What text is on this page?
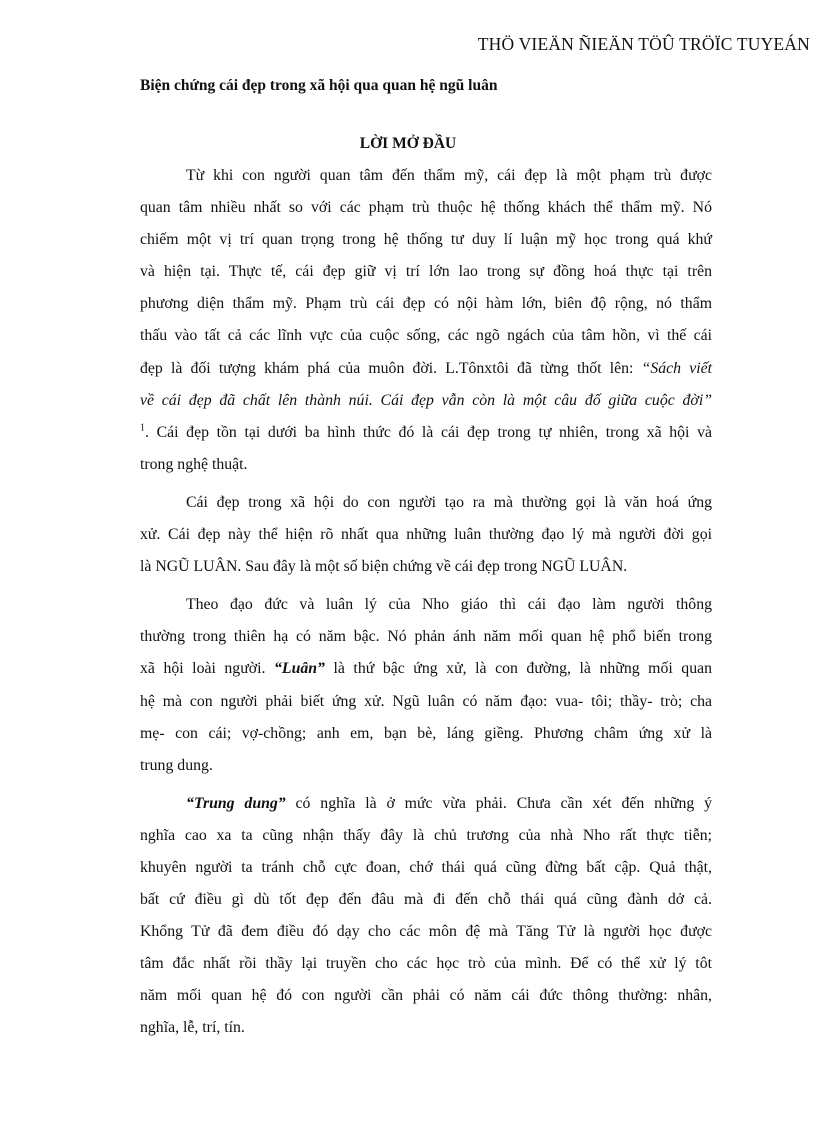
THÖ VIEÄN ÑIEÄN TÖÛ TRÖÏC TUYEÁN
Biện chứng cái đẹp trong xã hội qua quan hệ ngũ luân
LỜI MỞ ĐẦU
Từ khi con người quan tâm đến thẩm mỹ, cái đẹp là một phạm trù được
quan tâm nhiều nhất so với các phạm trù thuộc hệ thống khách thể thẩm mỹ. Nó
chiếm một vị trí quan trọng trong hệ thống tư duy lí luận mỹ học trong quá khứ
và hiện tại. Thực tế, cái đẹp giữ vị trí lớn lao trong sự đồng hoá thực tại trên
phương diện thẩm mỹ. Phạm trù cái đẹp có nội hàm lớn, biên độ rộng, nó thẩm
thấu vào tất cả các lĩnh vực của cuộc sống, các ngõ ngách của tâm hồn, vì thế cái
đẹp là đối tượng khám phá của muôn đời. L.Tônxtôi đã từng thốt lên: “Sách viết
về cái đẹp đã chất lên thành núi. Cái đẹp vẫn còn là một câu đố giữa cuộc đời”
$^1$. Cái đẹp tồn tại dưới ba hình thức đó là cái đẹp trong tự nhiên, trong xã hội và
trong nghệ thuật.
Cái đẹp trong xã hội do con người tạo ra mà thường gọi là văn hoá ứng
xử. Cái đẹp này thể hiện rõ nhất qua những luân thường đạo lý mà người đời gọi
là NGŨ LUÂN. Sau đây là một số biện chứng về cái đẹp trong NGŨ LUÂN.
Theo đạo đức và luân lý của Nho giáo thì cái đạo làm người thông
thường trong thiên hạ có năm bậc. Nó phản ánh năm mối quan hệ phổ biến trong
xã hội loài người. “Luân” là thứ bậc ứng xử, là con đường, là những mối quan
hệ mà con người phải biết ứng xử. Ngũ luân có năm đạo: vua- tôi; thầy- trò; cha
mẹ- con cái; vợ-chồng; anh em, bạn bè, láng giềng. Phương châm ứng xử là
trung dung.
“Trung dung” có nghĩa là ở mức vừa phải. Chưa cần xét đến những ý
nghĩa cao xa ta cũng nhận thấy đây là chủ trương của nhà Nho rất thực tiễn;
khuyên người ta tránh chỗ cực đoan, chớ thái quá cũng đừng bất cập. Quả thật,
bất cứ điều gì dù tốt đẹp đến đâu mà đi đến chỗ thái quá cũng đành dở cả.
Khổng Tử đã đem điều đó dạy cho các môn đệ mà Tăng Tử là người học được
tâm đắc nhất rồi thầy lại truyền cho các học trò của mình. Để có thể xử lý tôt
năm mối quan hệ đó con người cần phải có năm cái đức thông thường: nhân,
nghĩa, lễ, trí, tín.
